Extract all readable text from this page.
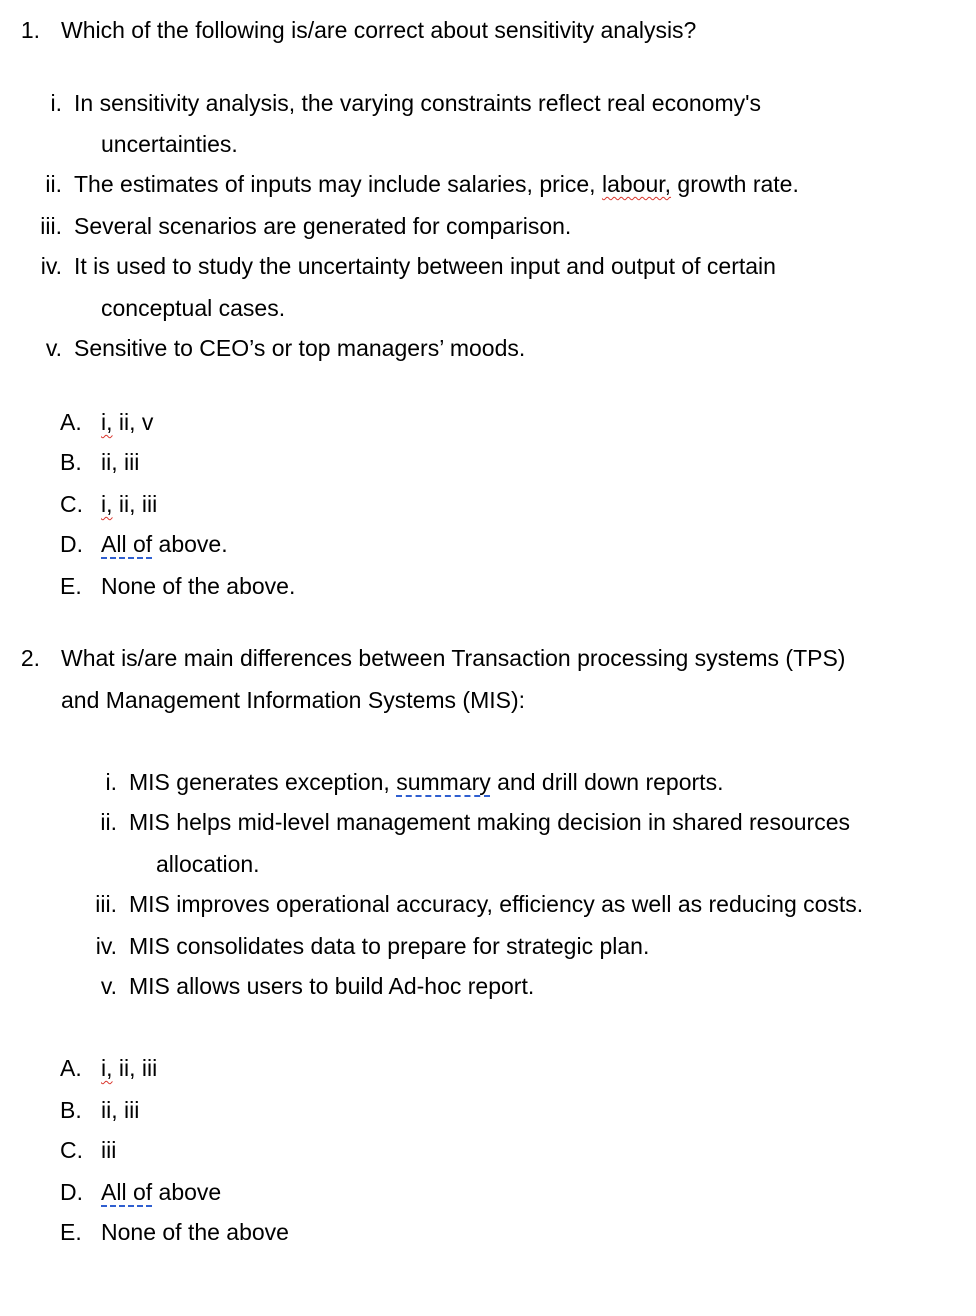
1. Which of the following is/are correct about sensitivity analysis?
i. In sensitivity analysis, the varying constraints reflect real economy's
uncertainties.
ii. The estimates of inputs may include salaries, price, labour, growth rate.
iii. Several scenarios are generated for comparison.
iv. It is used to study the uncertainty between input and output of certain
conceptual cases.
v. Sensitive to CEO’s or top managers’ moods.
A. i, ii, v
B. ii, iii
C. i, ii, iii
D. All of above.
E. None of the above.
2. What is/are main differences between Transaction processing systems (TPS)
and Management Information Systems (MIS):
i. MIS generates exception, summary and drill down reports.
ii. MIS helps mid-level management making decision in shared resources
allocation.
iii. MIS improves operational accuracy, efficiency as well as reducing costs.
iv. MIS consolidates data to prepare for strategic plan.
v. MIS allows users to build Ad-hoc report.
A. i, ii, iii
B. ii, iii
C. iii
D. All of above
E. None of the above
